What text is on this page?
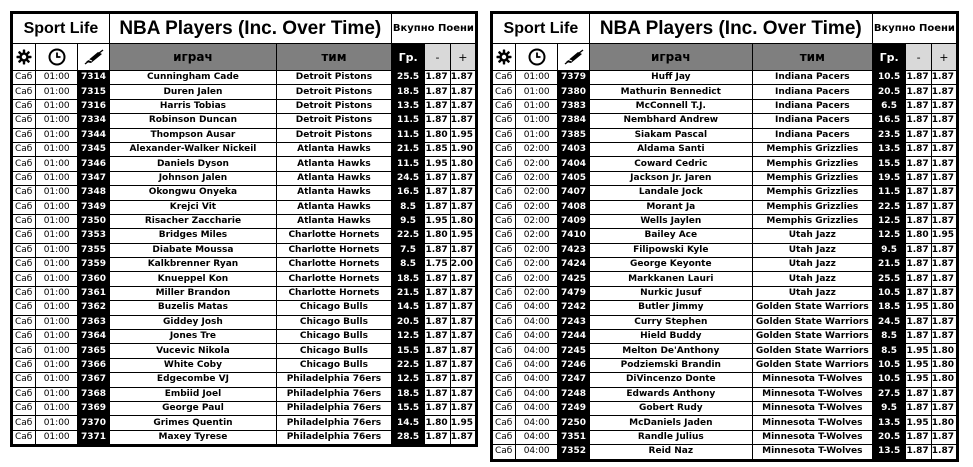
Sport Life			NBA Players (Inc. Over Time)		Вкупно Поени		

	играч	тим	Гр.	-	+
Саб	01:00	7314	Cunningham Cade	Detroit Pistons	25.5	1.87	1.87
Саб	01:00	7315	Duren Jalen	Detroit Pistons	18.5	1.87	1.87
Саб	01:00	7316	Harris Tobias	Detroit Pistons	13.5	1.87	1.87
Саб	01:00	7334	Robinson Duncan	Detroit Pistons	11.5	1.87	1.87
Саб	01:00	7344	Thompson Ausar	Detroit Pistons	11.5	1.80	1.95
Саб	01:00	7345	Alexander-Walker Nickeil	Atlanta Hawks	21.5	1.85	1.90
Саб	01:00	7346	Daniels Dyson	Atlanta Hawks	11.5	1.95	1.80
Саб	01:00	7347	Johnson Jalen	Atlanta Hawks	24.5	1.87	1.87
Саб	01:00	7348	Okongwu Onyeka	Atlanta Hawks	16.5	1.87	1.87
Саб	01:00	7349	Krejci Vit	Atlanta Hawks	8.5	1.87	1.87
Саб	01:00	7350	Risacher Zaccharie	Atlanta Hawks	9.5	1.95	1.80
Саб	01:00	7353	Bridges Miles	Charlotte Hornets	22.5	1.80	1.95
Саб	01:00	7355	Diabate Moussa	Charlotte Hornets	7.5	1.87	1.87
Саб	01:00	7359	Kalkbrenner Ryan	Charlotte Hornets	8.5	1.75	2.00
Саб	01:00	7360	Knueppel Kon	Charlotte Hornets	18.5	1.87	1.87
Саб	01:00	7361	Miller Brandon	Charlotte Hornets	21.5	1.87	1.87
Саб	01:00	7362	Buzelis Matas	Chicago Bulls	14.5	1.87	1.87
Саб	01:00	7363	Giddey Josh	Chicago Bulls	20.5	1.87	1.87
Саб	01:00	7364	Jones Tre	Chicago Bulls	12.5	1.87	1.87
Саб	01:00	7365	Vucevic Nikola	Chicago Bulls	15.5	1.87	1.87
Саб	01:00	7366	White Coby	Chicago Bulls	22.5	1.87	1.87
Саб	01:00	7367	Edgecombe VJ	Philadelphia 76ers	12.5	1.87	1.87
Саб	01:00	7368	Embiid Joel	Philadelphia 76ers	18.5	1.87	1.87
Саб	01:00	7369	George Paul	Philadelphia 76ers	15.5	1.87	1.87
Саб	01:00	7370	Grimes Quentin	Philadelphia 76ers	14.5	1.80	1.95
Саб	01:00	7371	Maxey Tyrese	Philadelphia 76ers	28.5	1.87	1.87
Sport Life			NBA Players (Inc. Over Time)		Вкупно Поени		

	играч	тим	Гр.	-	+
Саб	01:00	7379	Huff Jay	Indiana Pacers	10.5	1.87	1.87
Саб	01:00	7380	Mathurin Bennedict	Indiana Pacers	20.5	1.87	1.87
Саб	01:00	7383	McConnell T.J.	Indiana Pacers	6.5	1.87	1.87
Саб	01:00	7384	Nembhard Andrew	Indiana Pacers	16.5	1.87	1.87
Саб	01:00	7385	Siakam Pascal	Indiana Pacers	23.5	1.87	1.87
Саб	02:00	7403	Aldama Santi	Memphis Grizzlies	13.5	1.87	1.87
Саб	02:00	7404	Coward Cedric	Memphis Grizzlies	15.5	1.87	1.87
Саб	02:00	7405	Jackson Jr. Jaren	Memphis Grizzlies	19.5	1.87	1.87
Саб	02:00	7407	Landale Jock	Memphis Grizzlies	11.5	1.87	1.87
Саб	02:00	7408	Morant Ja	Memphis Grizzlies	22.5	1.87	1.87
Саб	02:00	7409	Wells Jaylen	Memphis Grizzlies	12.5	1.87	1.87
Саб	02:00	7410	Bailey Ace	Utah Jazz	12.5	1.80	1.95
Саб	02:00	7423	Filipowski Kyle	Utah Jazz	9.5	1.87	1.87
Саб	02:00	7424	George Keyonte	Utah Jazz	21.5	1.87	1.87
Саб	02:00	7425	Markkanen Lauri	Utah Jazz	25.5	1.87	1.87
Саб	02:00	7479	Nurkic Jusuf	Utah Jazz	10.5	1.87	1.87
Саб	04:00	7242	Butler Jimmy	Golden State Warriors	18.5	1.95	1.80
Саб	04:00	7243	Curry Stephen	Golden State Warriors	24.5	1.87	1.87
Саб	04:00	7244	Hield Buddy	Golden State Warriors	8.5	1.87	1.87
Саб	04:00	7245	Melton De'Anthony	Golden State Warriors	8.5	1.95	1.80
Саб	04:00	7246	Podziemski Brandin	Golden State Warriors	10.5	1.95	1.80
Саб	04:00	7247	DiVincenzo Donte	Minnesota T-Wolves	10.5	1.95	1.80
Саб	04:00	7248	Edwards Anthony	Minnesota T-Wolves	27.5	1.87	1.87
Саб	04:00	7249	Gobert Rudy	Minnesota T-Wolves	9.5	1.87	1.87
Саб	04:00	7250	McDaniels Jaden	Minnesota T-Wolves	13.5	1.95	1.80
Саб	04:00	7351	Randle Julius	Minnesota T-Wolves	20.5	1.87	1.87
Саб	04:00	7352	Reid Naz	Minnesota T-Wolves	13.5	1.87	1.87
